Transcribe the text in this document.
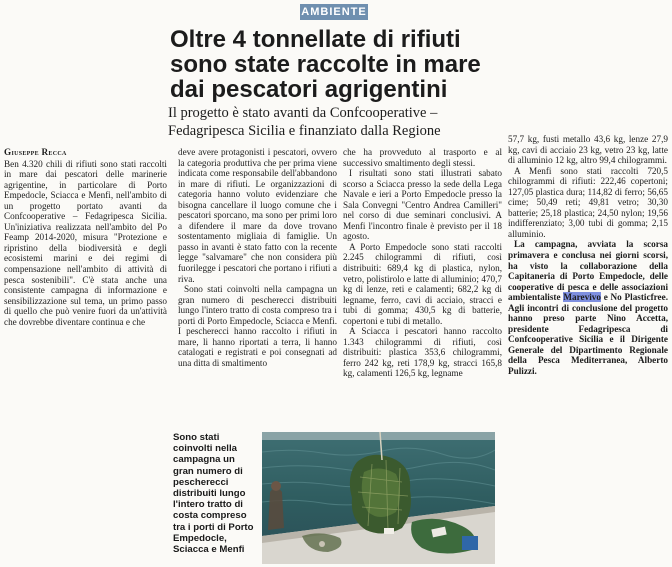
AMBIENTE
Oltre 4 tonnellate di rifiuti
sono state raccolte in mare
dai pescatori agrigentini
Il progetto è stato avanti da Confcooperative –
Fedagripesca Sicilia e finanziato dalla Regione
Giuseppe Recca

Ben 4.320 chili di rifiuti sono stati raccolti in mare dai pescatori delle marinerie agrigentine, in particolare di Porto Empedocle, Sciacca e Menfi, nell'ambito di un progetto portato avanti da Confcooperative – Fedagripesca Sicilia. Un'iniziativa realizzata nell'ambito del Po Feamp 2014-2020, misura "Protezione e ripristino della biodiversità e degli ecosistemi marini e dei regimi di compensazione nell'ambito di attività di pesca sostenibili". C'è stata anche una consistente campagna di informazione e sensibilizzazione sul tema, un primo passo di quello che può venire fuori da un'attività che dovrebbe diventare continua e che

deve avere protagonisti i pescatori, ovvero la categoria produttiva che per prima viene indicata come responsabile dell'abbandono in mare di rifiuti. Le organizzazioni di categoria hanno voluto evidenziare che bisogna cancellare il luogo comune che i pescatori sporcano, ma sono per primi loro a difendere il mare da dove trovano sostentamento migliaia di famiglie. Un passo in avanti è stato fatto con la recente legge "salvamare" che non considera più fuorilegge i pescatori che portano i rifiuti a riva.

Sono stati coinvolti nella campagna un gran numero di pescherecci distribuiti lungo l'intero tratto di costa compreso tra i porti di Porto Empedocle, Sciacca e Menfi. I pescherecci hanno raccolto i rifiuti in mare, li hanno riportati a terra, li hanno catalogati e registrati e poi consegnati ad una ditta di smaltimento

che ha provveduto al trasporto e al successivo smaltimento degli stessi.

I risultati sono stati illustrati sabato scorso a Sciacca presso la sede della Lega Navale e ieri a Porto Empedocle presso la Sala Convegni "Centro Andrea Camilleri" nel corso di due seminari conclusivi. A Menfi l'incontro finale è previsto per il 18 agosto.

A Porto Empedocle sono stati raccolti 2.245 chilogrammi di rifiuti, così distribuiti: 689,4 kg di plastica, nylon, vetro, polistirolo e latte di alluminio; 470,7 kg di lenze, reti e calamenti; 682,2 kg di legname, ferro, cavi di acciaio, stracci e tubi di gomma; 430,5 kg di batterie, copertoni e tubi di metallo.

A Sciacca i pescatori hanno raccolto 1.343 chilogrammi di rifiuti, così distribuiti: plastica 353,6 chilogrammi, ferro 242 kg, reti 178,9 kg, stracci 165,8 kg, calamenti 126,5 kg, legname

57,7 kg, fusti metallo 43,6 kg, lenze 27,9 kg, cavi di acciaio 23 kg, vetro 23 kg, latte di alluminio 12 kg, altro 99,4 chilogrammi.

A Menfi sono stati raccolti 720,5 chilogrammi di rifiuti: 222,46 copertoni; 127,05 plastica dura; 114,82 di ferro; 56,65 cime; 50,49 reti; 49,81 vetro; 30,30 batterie; 25,18 plastica; 24,50 nylon; 19,56 indifferenziato; 3,00 tubi di gomma; 2,15 alluminio.

La campagna, avviata la scorsa primavera e conclusa nei giorni scorsi, ha visto la collaborazione della Capitaneria di Porto Empedocle, delle cooperative di pesca e delle associazioni ambientaliste Marevivo e No Plasticfree. Agli incontri di conclusione del progetto hanno preso parte Nino Accetta, presidente Fedagripesca di Confcooperative Sicilia e il Dirigente Generale del Dipartimento Regionale della Pesca Mediterranea, Alberto Pulizzi.

Sono stati coinvolti nella campagna un gran numero di pescherecci distribuiti lungo l'intero tratto di costa compreso tra i porti di Porto Empedocle, Sciacca e Menfi
